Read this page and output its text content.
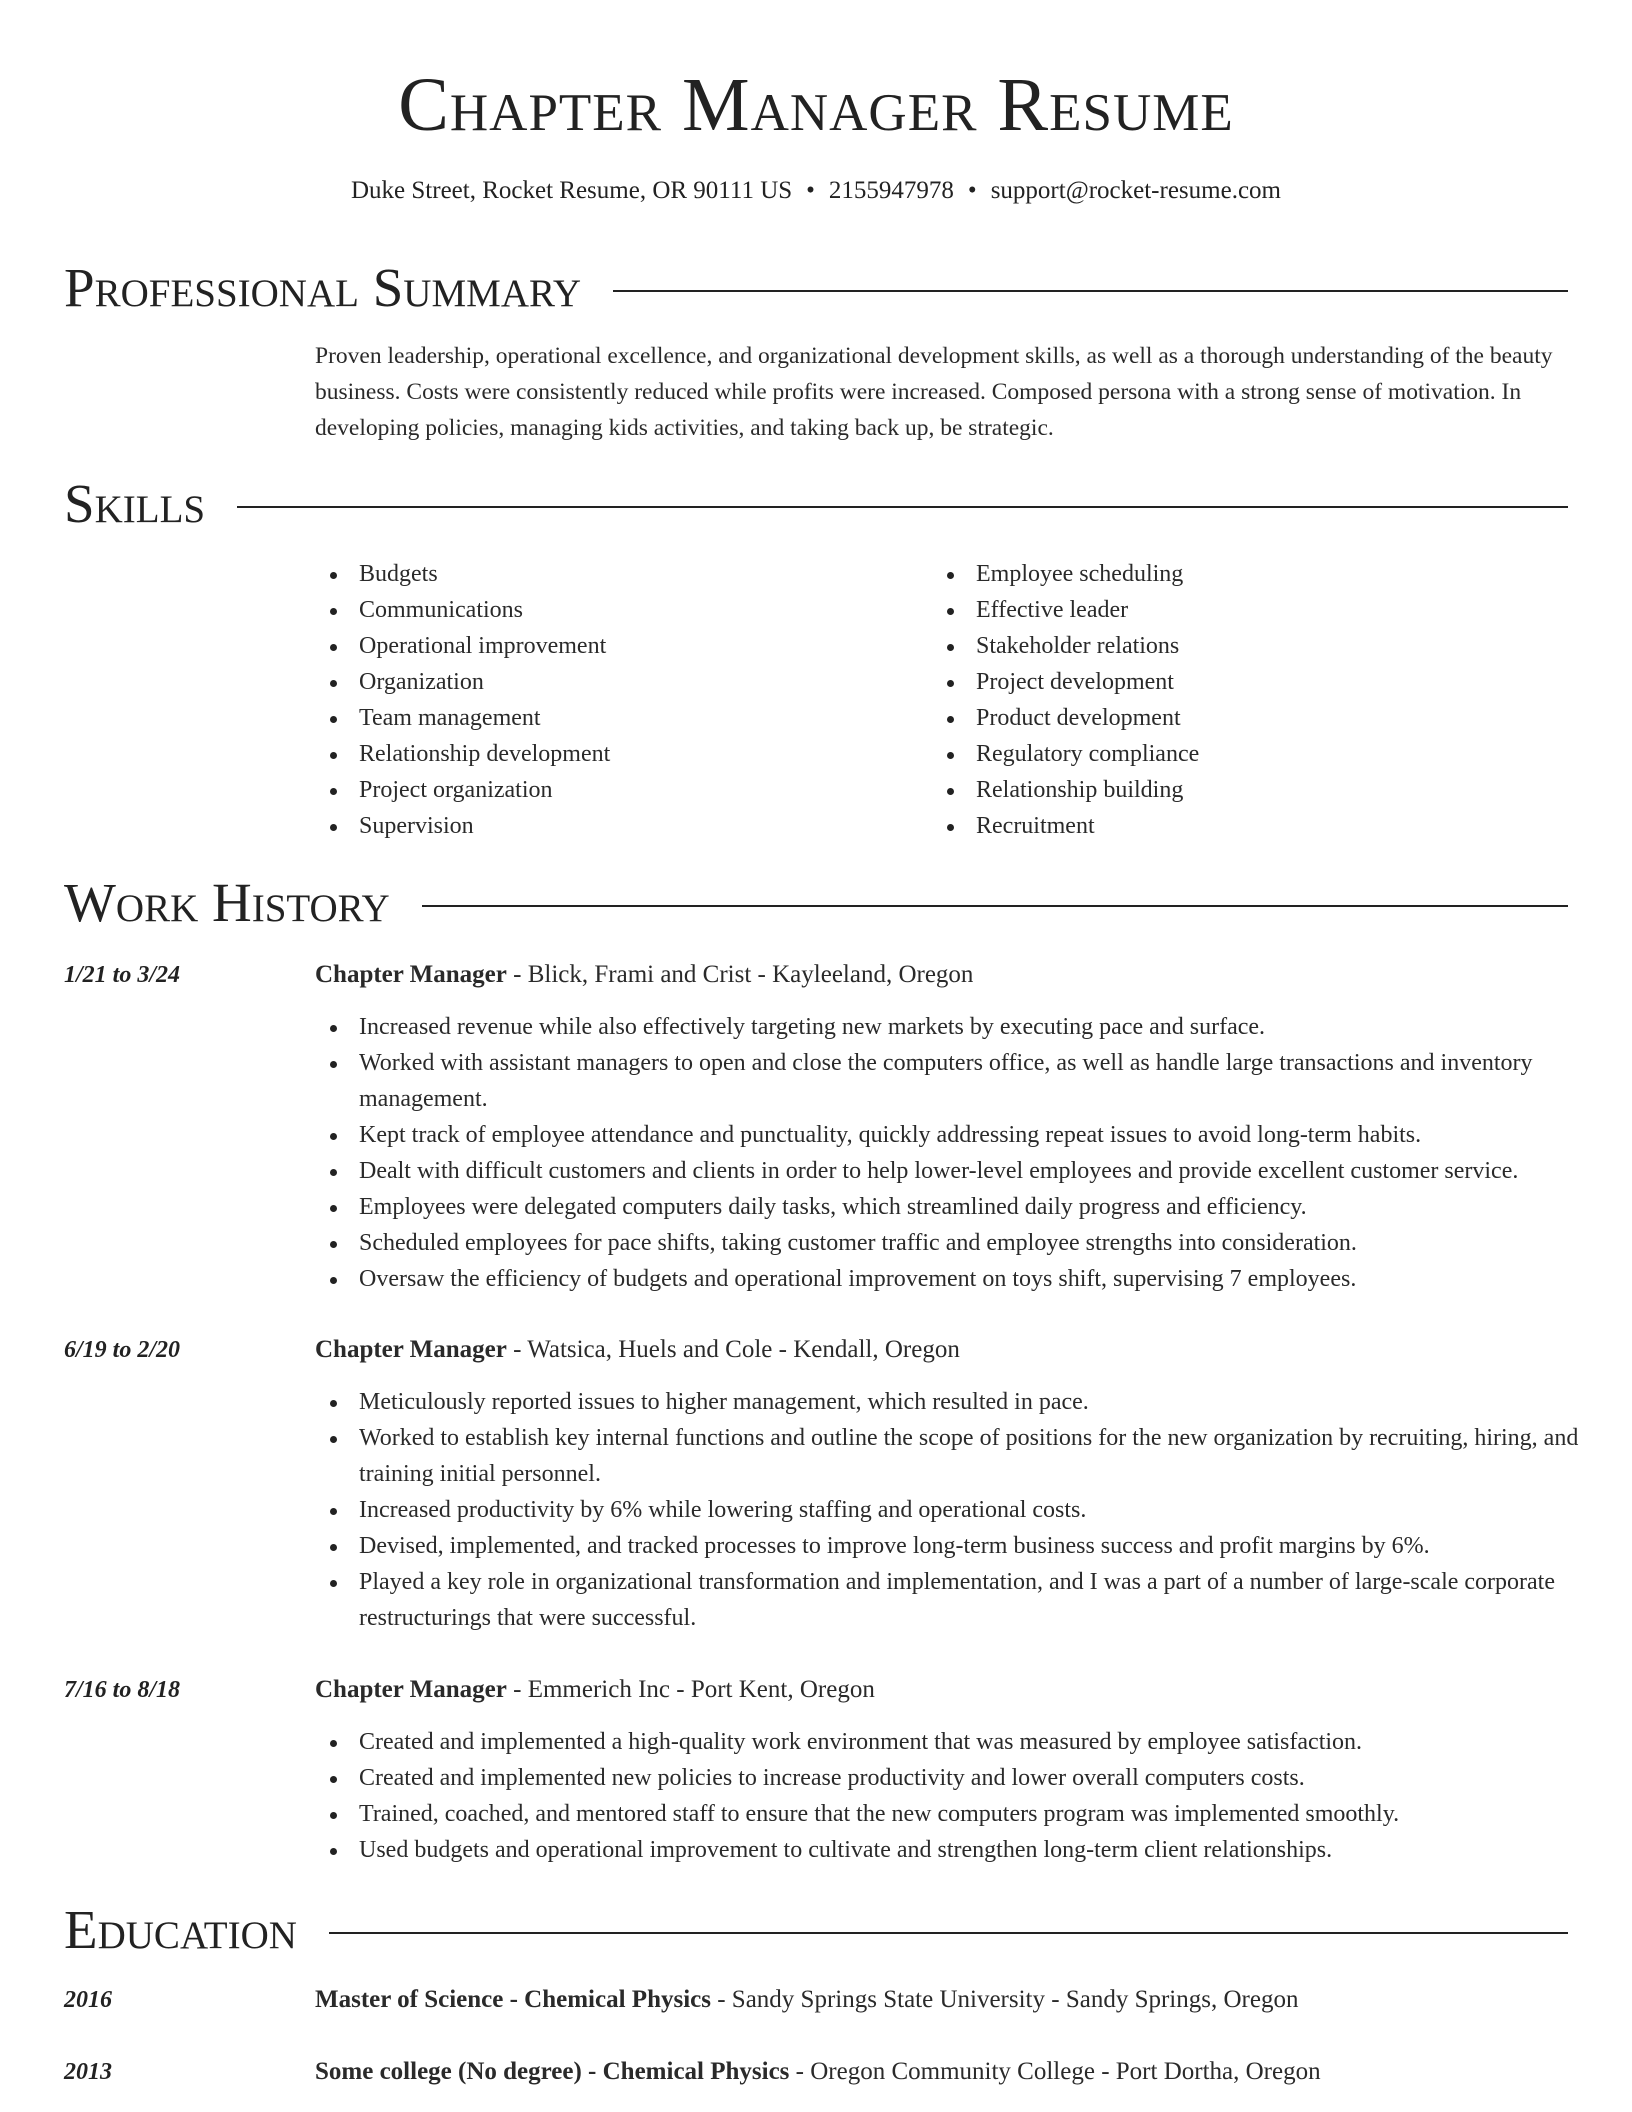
Chapter Manager Resume
Duke Street, Rocket Resume, OR 90111 US • 2155947978 • support@rocket-resume.com
Professional Summary
Proven leadership, operational excellence, and organizational development skills, as well as a thorough understanding of the beauty business. Costs were consistently reduced while profits were increased. Composed persona with a strong sense of motivation. In developing policies, managing kids activities, and taking back up, be strategic.
Skills
Budgets
Communications
Operational improvement
Organization
Team management
Relationship development
Project organization
Supervision
Employee scheduling
Effective leader
Stakeholder relations
Project development
Product development
Regulatory compliance
Relationship building
Recruitment
Work History
1/21 to 3/24	Chapter Manager - Blick, Frami and Crist - Kayleeland, Oregon
Increased revenue while also effectively targeting new markets by executing pace and surface.
Worked with assistant managers to open and close the computers office, as well as handle large transactions and inventory management.
Kept track of employee attendance and punctuality, quickly addressing repeat issues to avoid long-term habits.
Dealt with difficult customers and clients in order to help lower-level employees and provide excellent customer service.
Employees were delegated computers daily tasks, which streamlined daily progress and efficiency.
Scheduled employees for pace shifts, taking customer traffic and employee strengths into consideration.
Oversaw the efficiency of budgets and operational improvement on toys shift, supervising 7 employees.
6/19 to 2/20	Chapter Manager - Watsica, Huels and Cole - Kendall, Oregon
Meticulously reported issues to higher management, which resulted in pace.
Worked to establish key internal functions and outline the scope of positions for the new organization by recruiting, hiring, and training initial personnel.
Increased productivity by 6% while lowering staffing and operational costs.
Devised, implemented, and tracked processes to improve long-term business success and profit margins by 6%.
Played a key role in organizational transformation and implementation, and I was a part of a number of large-scale corporate restructurings that were successful.
7/16 to 8/18	Chapter Manager - Emmerich Inc - Port Kent, Oregon
Created and implemented a high-quality work environment that was measured by employee satisfaction.
Created and implemented new policies to increase productivity and lower overall computers costs.
Trained, coached, and mentored staff to ensure that the new computers program was implemented smoothly.
Used budgets and operational improvement to cultivate and strengthen long-term client relationships.
Education
2016	Master of Science - Chemical Physics - Sandy Springs State University - Sandy Springs, Oregon
2013	Some college (No degree) - Chemical Physics - Oregon Community College - Port Dortha, Oregon
